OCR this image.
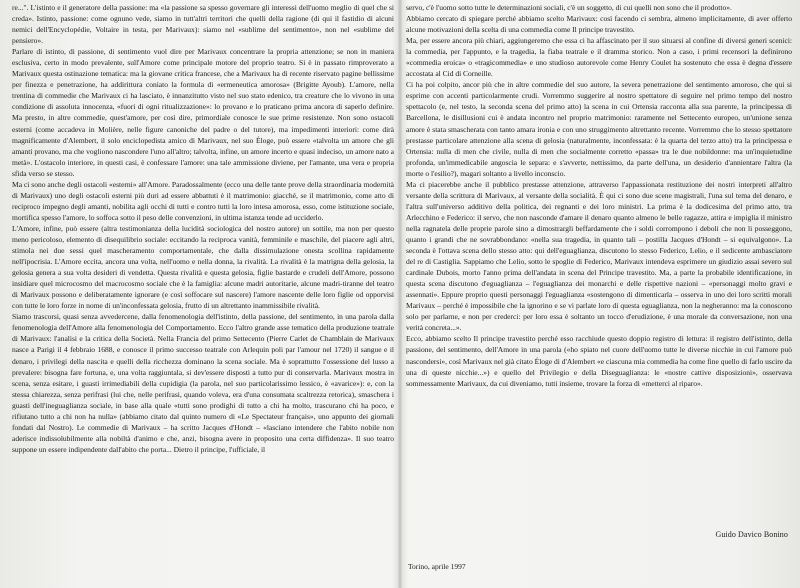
re...". L'istinto e il generatore della passione: ma «la passione sa spesso governare gli interessi dell'uomo meglio di quel che si creda». Istinto, passione: come ognuno vede, siamo in tutt'altri territori che quelli della ragione (di qui il fastidio di alcuni nemici dell'Encyclopédie, Voltaire in testa, per Marivaux): siamo nel «sublime del sentimento», non nel «sublime del pensiero».

Parlare di istinto, di passione, di sentimento vuol dire per Marivaux concentrare la propria attenzione; se non in maniera esclusiva, certo in modo prevalente, sull'Amore come principale motore del proprio teatro. Si è in passato rimproverato a Marivaux questa ostinazione tematica: ma la giovane critica francese, che a Marivaux ha di recente riservato pagine bellissime per finezza e penetrazione, ha addirittura coniato la formula di «ermeneutica amorosa» (Brigitte Ayoub). L'amore, nella trentina di commedie che Marivaux ci ha lasciato, è innanzitutto visto nel suo stato edenico, tra creature che lo vivono in una condizione di assoluta innocenza, «fuori di ogni ritualizzazione»: lo provano e lo praticano prima ancora di saperlo definire. Ma presto, in altre commedie, quest'amore, per così dire, primordiale conosce le sue prime resistenze. Non sono ostacoli esterni (come accadeva in Molière, nelle figure canoniche del padre o del tutore), ma impedimenti interiori: come dirà magnificamente d'Alembert, il solo enciclopedista amico di Marivaux, nel suo Éloge, può essere «talvolta un amore che gli amanti provano, ma che vogliono nascondere l'uno all'altro; talvolta, infine, un amore incerto e quasi indeciso, un amore nato a metà». L'ostacolo interiore, in questi casi, è confessare l'amore: una tale ammissione diviene, per l'amante, una vera e propria sfida verso se stesso.

Ma ci sono anche degli ostacoli «esterni» all'Amore. Paradossalmente (ecco una delle tante prove della straordinaria modernità di Marivaux) uno degli ostacoli esterni più duri ad essere abbattuti è il matrimonio: giacché, se il matrimonio, come atto di reciproco impegno degli amanti, nobilita agli occhi di tutti e contro tutti la loro intesa amorosa, esso, come istituzione sociale, mortifica spesso l'amore, lo soffoca sotto il peso delle convenzioni, in ultima istanza tende ad ucciderlo.

L'Amore, infine, può essere (altra testimonianza della lucidità sociologica del nostro autore) un sottile, ma non per questo meno pericoloso, elemento di disequilibrio sociale: eccitando la reciproca vanità, femminile e maschile, del piacere agli altri, stimola nei due sessi quel mascheramento comportamentale, che dalla dissimulazione onesta scollina rapidamente nell'ipocrisia. L'Amore eccita, ancora una volta, nell'uomo e nella donna, la rivalità. La rivalità è la matrigna della gelosia, la gelosia genera a sua volta desideri di vendetta. Questa rivalità e questa gelosia, figlie bastarde e crudeli dell'Amore, possono insidiare quel microcosmo del macrocosmo sociale che è la famiglia: alcune madri autoritarie, alcune madri-tiranne del teatro di Marivaux possono e deliberatamente ignorare (e così soffocare sul nascere) l'amore nascente delle loro figlie od opporvisi con tutte le loro forze in nome di un'inconfessata gelosia, frutto di un altrettanto inammissibile rivalità.

Siamo trascorsi, quasi senza avvedercene, dalla fenomenologia dell'istinto, della passione, del sentimento, in una parola dalla fenomenologia dell'Amore alla fenomenologia del Comportamento. Ecco l'altro grande asse tematico della produzione teatrale di Marivaux: l'analisi e la critica della Società. Nella Francia del primo Settecento (Pierre Carlet de Chamblain de Marivaux nasce a Parigi il 4 febbraio 1688, e conosce il primo successo teatrale con Arlequin poli par l'amour nel 1720) il sangue e il denaro, i privilegi della nascita e quelli della ricchezza dominano la scena sociale. Ma è soprattutto l'ossessione del lusso a prevalere: bisogna fare fortuna, e, una volta raggiuntala, si dev'essere disposti a tutto pur di conservarla. Marivaux mostra in scena, senza esitare, i guasti irrimediabili della cupidigia (la parola, nel suo particolarissimo lessico, è «avarice»): e, con la stessa chiarezza, senza perifrasi (lui che, nelle perifrasi, quando voleva, era d'una consumata scaltrezza retorica), smaschera i guasti dell'ineguaglianza sociale, in base alla quale «tutti sono prodighi di tutto a chi ha molto, trascurano chi ha poco, e rifiutano tutto a chi non ha nulla» (abbiamo citato dal quinto numero di «Le Spectateur français», uno appunto dei giornali fondati dal Nostro). Le commedie di Marivaux – ha scritto Jacques d'Hondt – «lasciano intendere che l'abito nobile non aderisce indissolubilmente alla nobiltà d'animo e che, anzi, bisogna avere in proposito una certa diffidenza». Il suo teatro suppone un essere indipendente dall'abito che porta... Dietro il principe, l'ufficiale, il

servo, c'è l'uomo sotto tutte le determinazioni sociali, c'è un soggetto, di cui quelli non sono che il prodotto».

Abbiamo cercato di spiegare perché abbiamo scelto Marivaux: così facendo ci sembra, almeno implicitamente, di aver offerto alcune motivazioni della scelta di una commedia come Il principe travestito.

Ma, per essere ancora più chiari, aggiungeremo che essa ci ha affascinato per il suo situarsi al confine di diversi generi scenici: la commedia, per l'appunto, e la tragedia, la fiaba teatrale e il dramma storico. Non a caso, i primi recensori la definirono «commedia eroica» o «tragicommedia» e uno studioso autorevole come Henry Coulet ha sostenuto che essa è degna d'essere accostata al Cid di Corneille.

Ci ha poi colpito, ancor più che in altre commedie del suo autore, la severa penetrazione del sentimento amoroso, che qui si esprime con accenti particolarmente crudi. Vorremmo suggerire al nostro spettatore di seguire nel primo tempo del nostro spettacolo (e, nel testo, la seconda scena del primo atto) la scena in cui Ortensia racconta alla sua parente, la principessa di Barcellona, le disillusioni cui è andata incontro nel proprio matrimonio: raramente nel Settecento europeo, un'unione senza amore è stata smascherata con tanto amara ironia e con uno struggimento altrettanto recente. Vorremmo che lo stesso spettatore prestasse particolare attenzione alla scena di gelosia (naturalmente, inconfessata: è la quarta del terzo atto) tra la principessa e Ortensia: nulla di men che civile, nulla di men che socialmente corretto «passa» tra le due nobildonne: ma un'inquietudine profonda, un'immedicabile angoscia le separa: e s'avverte, nettissimo, da parte dell'una, un desiderio d'annientare l'altra (la morte o l'esilio?), magari soltanto a livello inconscio.

Ma ci piacerebbe anche il pubblico prestasse attenzione, attraverso l'appassionata restituzione dei nostri interpreti all'altro versante della scrittura di Marivaux, al versante della socialità. È qui ci sono due scene magistrali, l'una sul tema del denaro, e l'altra sull'universo additivo della politica, dei regnanti e dei loro ministri. La prima è la dodicesima del primo atto, tra Arlecchino e Federico: il servo, che non nasconde d'amare il denaro quanto almeno le belle ragazze, attira e impiglia il ministro nella ragnatela delle proprie parole sino a dimostrargli beffardamente che i soldi corrompono i deboli che non li posseggono, quanto i grandi che ne sovrabbondano: «nella sua tragedia, in quanto tali – postilla Jacques d'Hondt – si equivalgono». La seconda è l'ottava scena dello stesso atto: qui dell'eguaglianza, discutono lo stesso Federico, Lelio, e il sedicente ambasciatore del re di Castiglia. Sappiamo che Lelio, sotto le spoglie di Federico, Marivaux intendeva esprimere un giudizio assai severo sul cardinale Dubois, morto l'anno prima dell'andata in scena del Principe travestito. Ma, a parte la probabile identificazione, in questa scena discutono d'eguaglianza – l'eguaglianza dei monarchi e delle rispettive nazioni – «personaggi molto gravi e assennati». Eppure proprio questi personaggi l'eguaglianza «sostengono di dimenticarla – osserva in uno dei loro scritti morali Marivaux – perché è impossibile che la ignorino e se vi parlate loro di questa eguaglianza, non la negheranno: ma la conoscono solo per parlarne, e non per crederci: per loro essa è soltanto un tocco d'erudizione, è una morale da conversazione, non una verità concreta...».

Ecco, abbiamo scelto Il principe travestito perché esso racchiude questo doppio registro di lettura: il registro dell'istinto, della passione, del sentimento, dell'Amore in una parola («ho spiato nel cuore dell'uomo tutte le diverse nicchie in cui l'amore può nascondersi», così Marivaux nel già citato Éloge di d'Alembert «e ciascuna mia commedia ha come fine quello di farlo uscire da una di queste nicchie...») e quello del Privilegio e della Diseguaglianza: le «nostre cattive disposizioni», osservava sommessamente Marivaux, da cui diveniamo, tutti insieme, trovare la forza di «metterci al riparo».

Guido Davico Bonino
Torino, aprile 1997
